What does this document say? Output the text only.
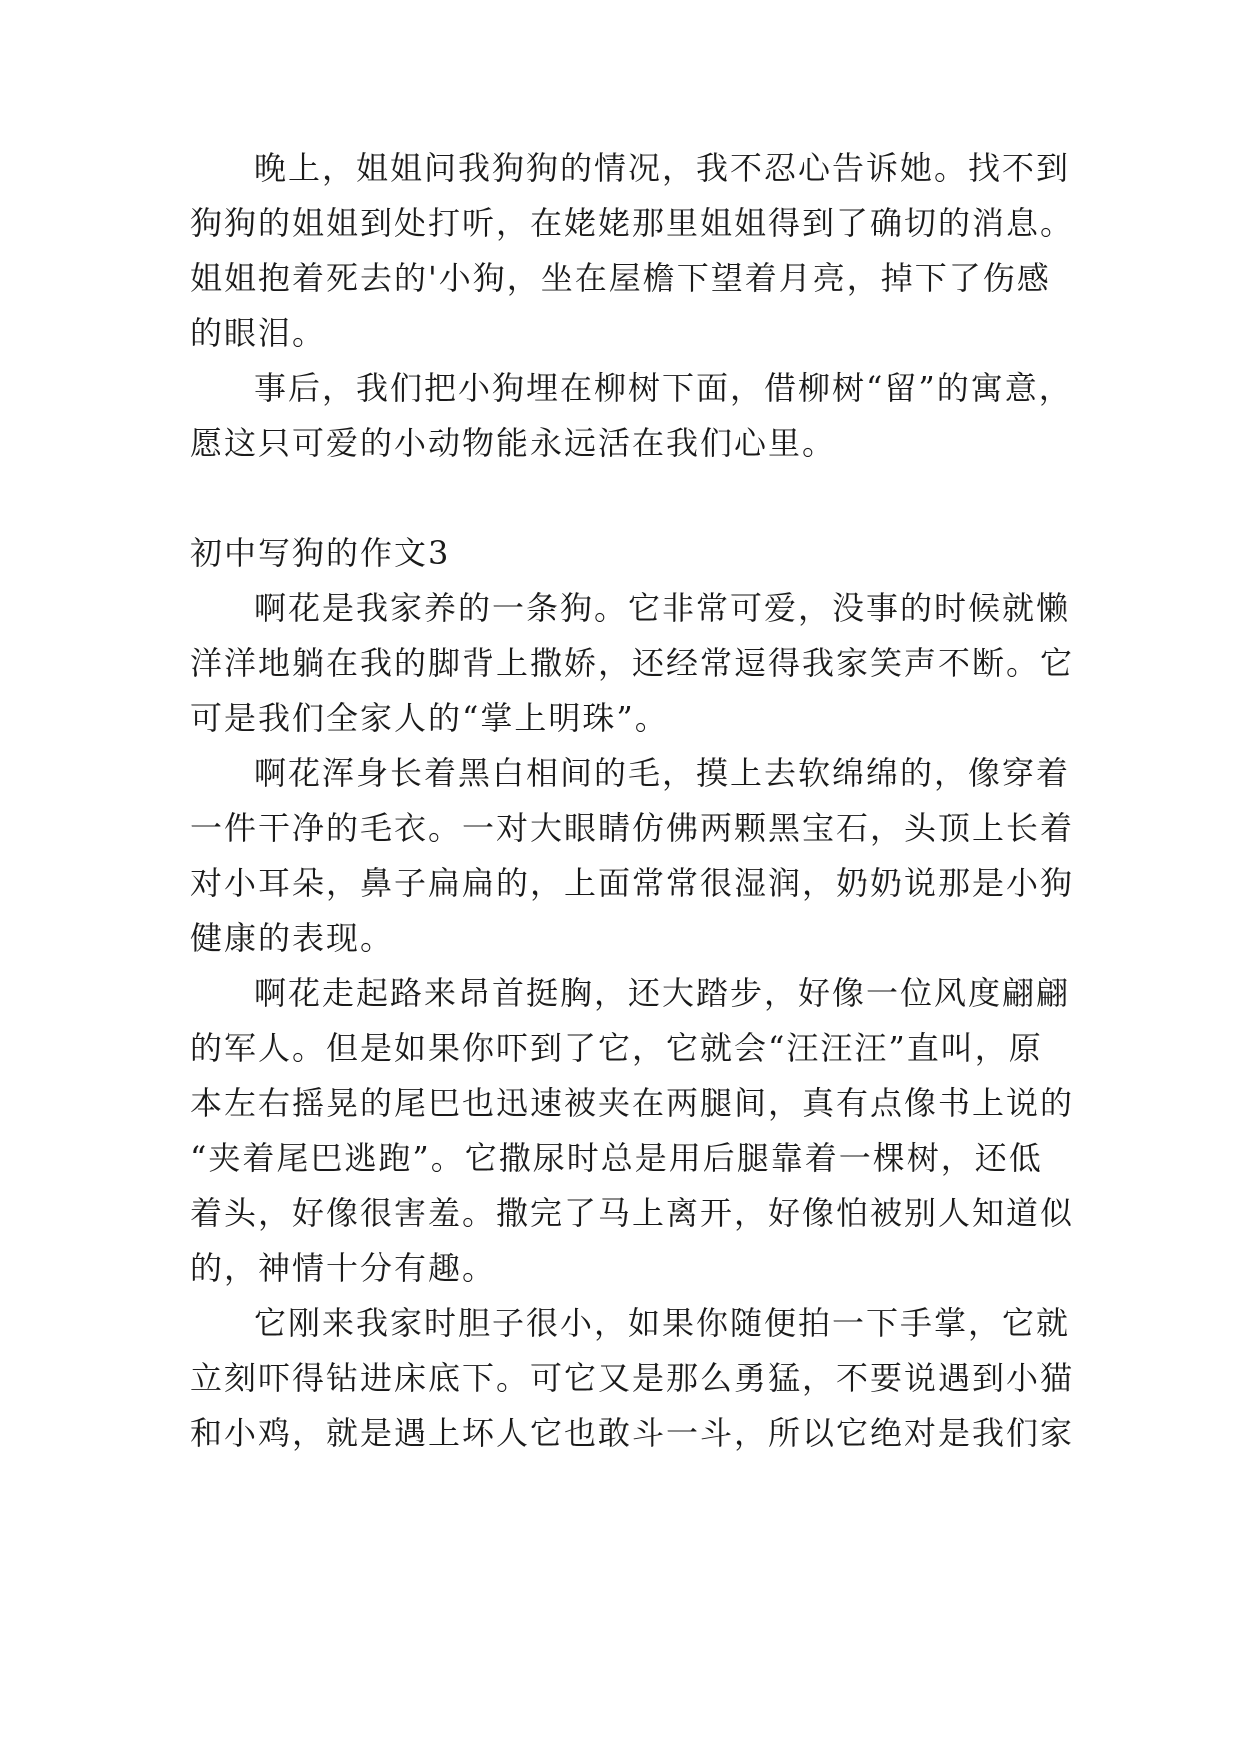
晚上，姐姐问我狗狗的情况，我不忍心告诉她。找不到
狗狗的姐姐到处打听，在姥姥那里姐姐得到了确切的消息。
姐姐抱着死去的'小狗，坐在屋檐下望着月亮，掉下了伤感
的眼泪。
事后，我们把小狗埋在柳树下面，借柳树“留”的寓意，
愿这只可爱的小动物能永远活在我们心里。
初中写狗的作文3
啊花是我家养的一条狗。它非常可爱，没事的时候就懒
洋洋地躺在我的脚背上撒娇，还经常逗得我家笑声不断。它
可是我们全家人的“掌上明珠”。
啊花浑身长着黑白相间的毛，摸上去软绵绵的，像穿着
一件干净的毛衣。一对大眼睛仿佛两颗黑宝石，头顶上长着
对小耳朵，鼻子扁扁的，上面常常很湿润，奶奶说那是小狗
健康的表现。
啊花走起路来昂首挺胸，还大踏步，好像一位风度翩翩
的军人。但是如果你吓到了它，它就会“汪汪汪”直叫，原
本左右摇晃的尾巴也迅速被夹在两腿间，真有点像书上说的
“夹着尾巴逃跑”。它撒尿时总是用后腿靠着一棵树，还低
着头，好像很害羞。撒完了马上离开，好像怕被别人知道似
的，神情十分有趣。
它刚来我家时胆子很小，如果你随便拍一下手掌，它就
立刻吓得钻进床底下。可它又是那么勇猛，不要说遇到小猫
和小鸡，就是遇上坏人它也敢斗一斗，所以它绝对是我们家
